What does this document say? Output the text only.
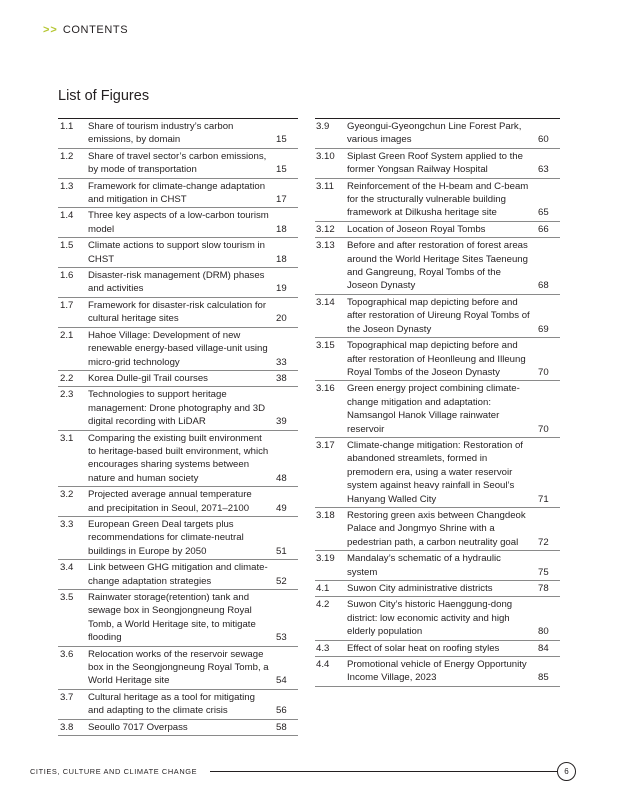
>> CONTENTS
List of Figures
1.1	Share of tourism industry’s carbon emissions, by domain	15
1.2	Share of travel sector’s carbon emissions, by mode of transportation	15
1.3	Framework for climate-change adaptation and mitigation in CHST	17
1.4	Three key aspects of a low-carbon tourism model	18
1.5	Climate actions to support slow tourism in CHST	18
1.6	Disaster-risk management (DRM) phases and activities	19
1.7	Framework for disaster-risk calculation for cultural heritage sites	20
2.1	Hahoe Village: Development of new renewable energy-based village-unit using micro-grid technology	33
2.2	Korea Dulle-gil Trail courses	38
2.3	Technologies to support heritage management: Drone photography and 3D digital recording with LiDAR	39
3.1	Comparing the existing built environment to heritage-based built environment, which encourages sharing systems between nature and human society	48
3.2	Projected average annual temperature and precipitation in Seoul, 2071–2100	49
3.3	European Green Deal targets plus recommendations for climate-neutral buildings in Europe by 2050	51
3.4	Link between GHG mitigation and climate-change adaptation strategies	52
3.5	Rainwater storage(retention) tank and sewage box in Seongjongneung Royal Tomb, a World Heritage site, to mitigate flooding	53
3.6	Relocation works of the reservoir sewage box in the Seongjongneung Royal Tomb, a World Heritage site	54
3.7	Cultural heritage as a tool for mitigating and adapting to the climate crisis	56
3.8	Seoullo 7017 Overpass	58
3.9	Gyeongui-Gyeongchun Line Forest Park, various images	60
3.10	Siplast Green Roof System applied to the former Yongsan Railway Hospital	63
3.11	Reinforcement of the H-beam and C-beam for the structurally vulnerable building framework at Dilkusha heritage site	65
3.12	Location of Joseon Royal Tombs	66
3.13	Before and after restoration of forest areas around the World Heritage Sites Taeneung and Gangreung, Royal Tombs of the Joseon Dynasty	68
3.14	Topographical map depicting before and after restoration of Uireung Royal Tombs of the Joseon Dynasty	69
3.15	Topographical map depicting before and after restoration of Heonlleung and Illeung Royal Tombs of the Joseon Dynasty	70
3.16	Green energy project combining climate-change mitigation and adaptation: Namsangol Hanok Village rainwater reservoir	70
3.17	Climate-change mitigation: Restoration of abandoned streamlets, formed in premodern era, using a water reservoir system against heavy rainfall in Seoul’s Hanyang Walled City	71
3.18	Restoring green axis between Changdeok Palace and Jongmyo Shrine with a pedestrian path, a carbon neutrality goal	72
3.19	Mandalay’s schematic of a hydraulic system	75
4.1	Suwon City administrative districts	78
4.2	Suwon City’s historic Haenggung-dong district: low economic activity and high elderly population	80
4.3	Effect of solar heat on roofing styles	84
4.4	Promotional vehicle of Energy Opportunity Income Village, 2023	85
CITIES, CULTURE AND CLIMATE CHANGE	6
